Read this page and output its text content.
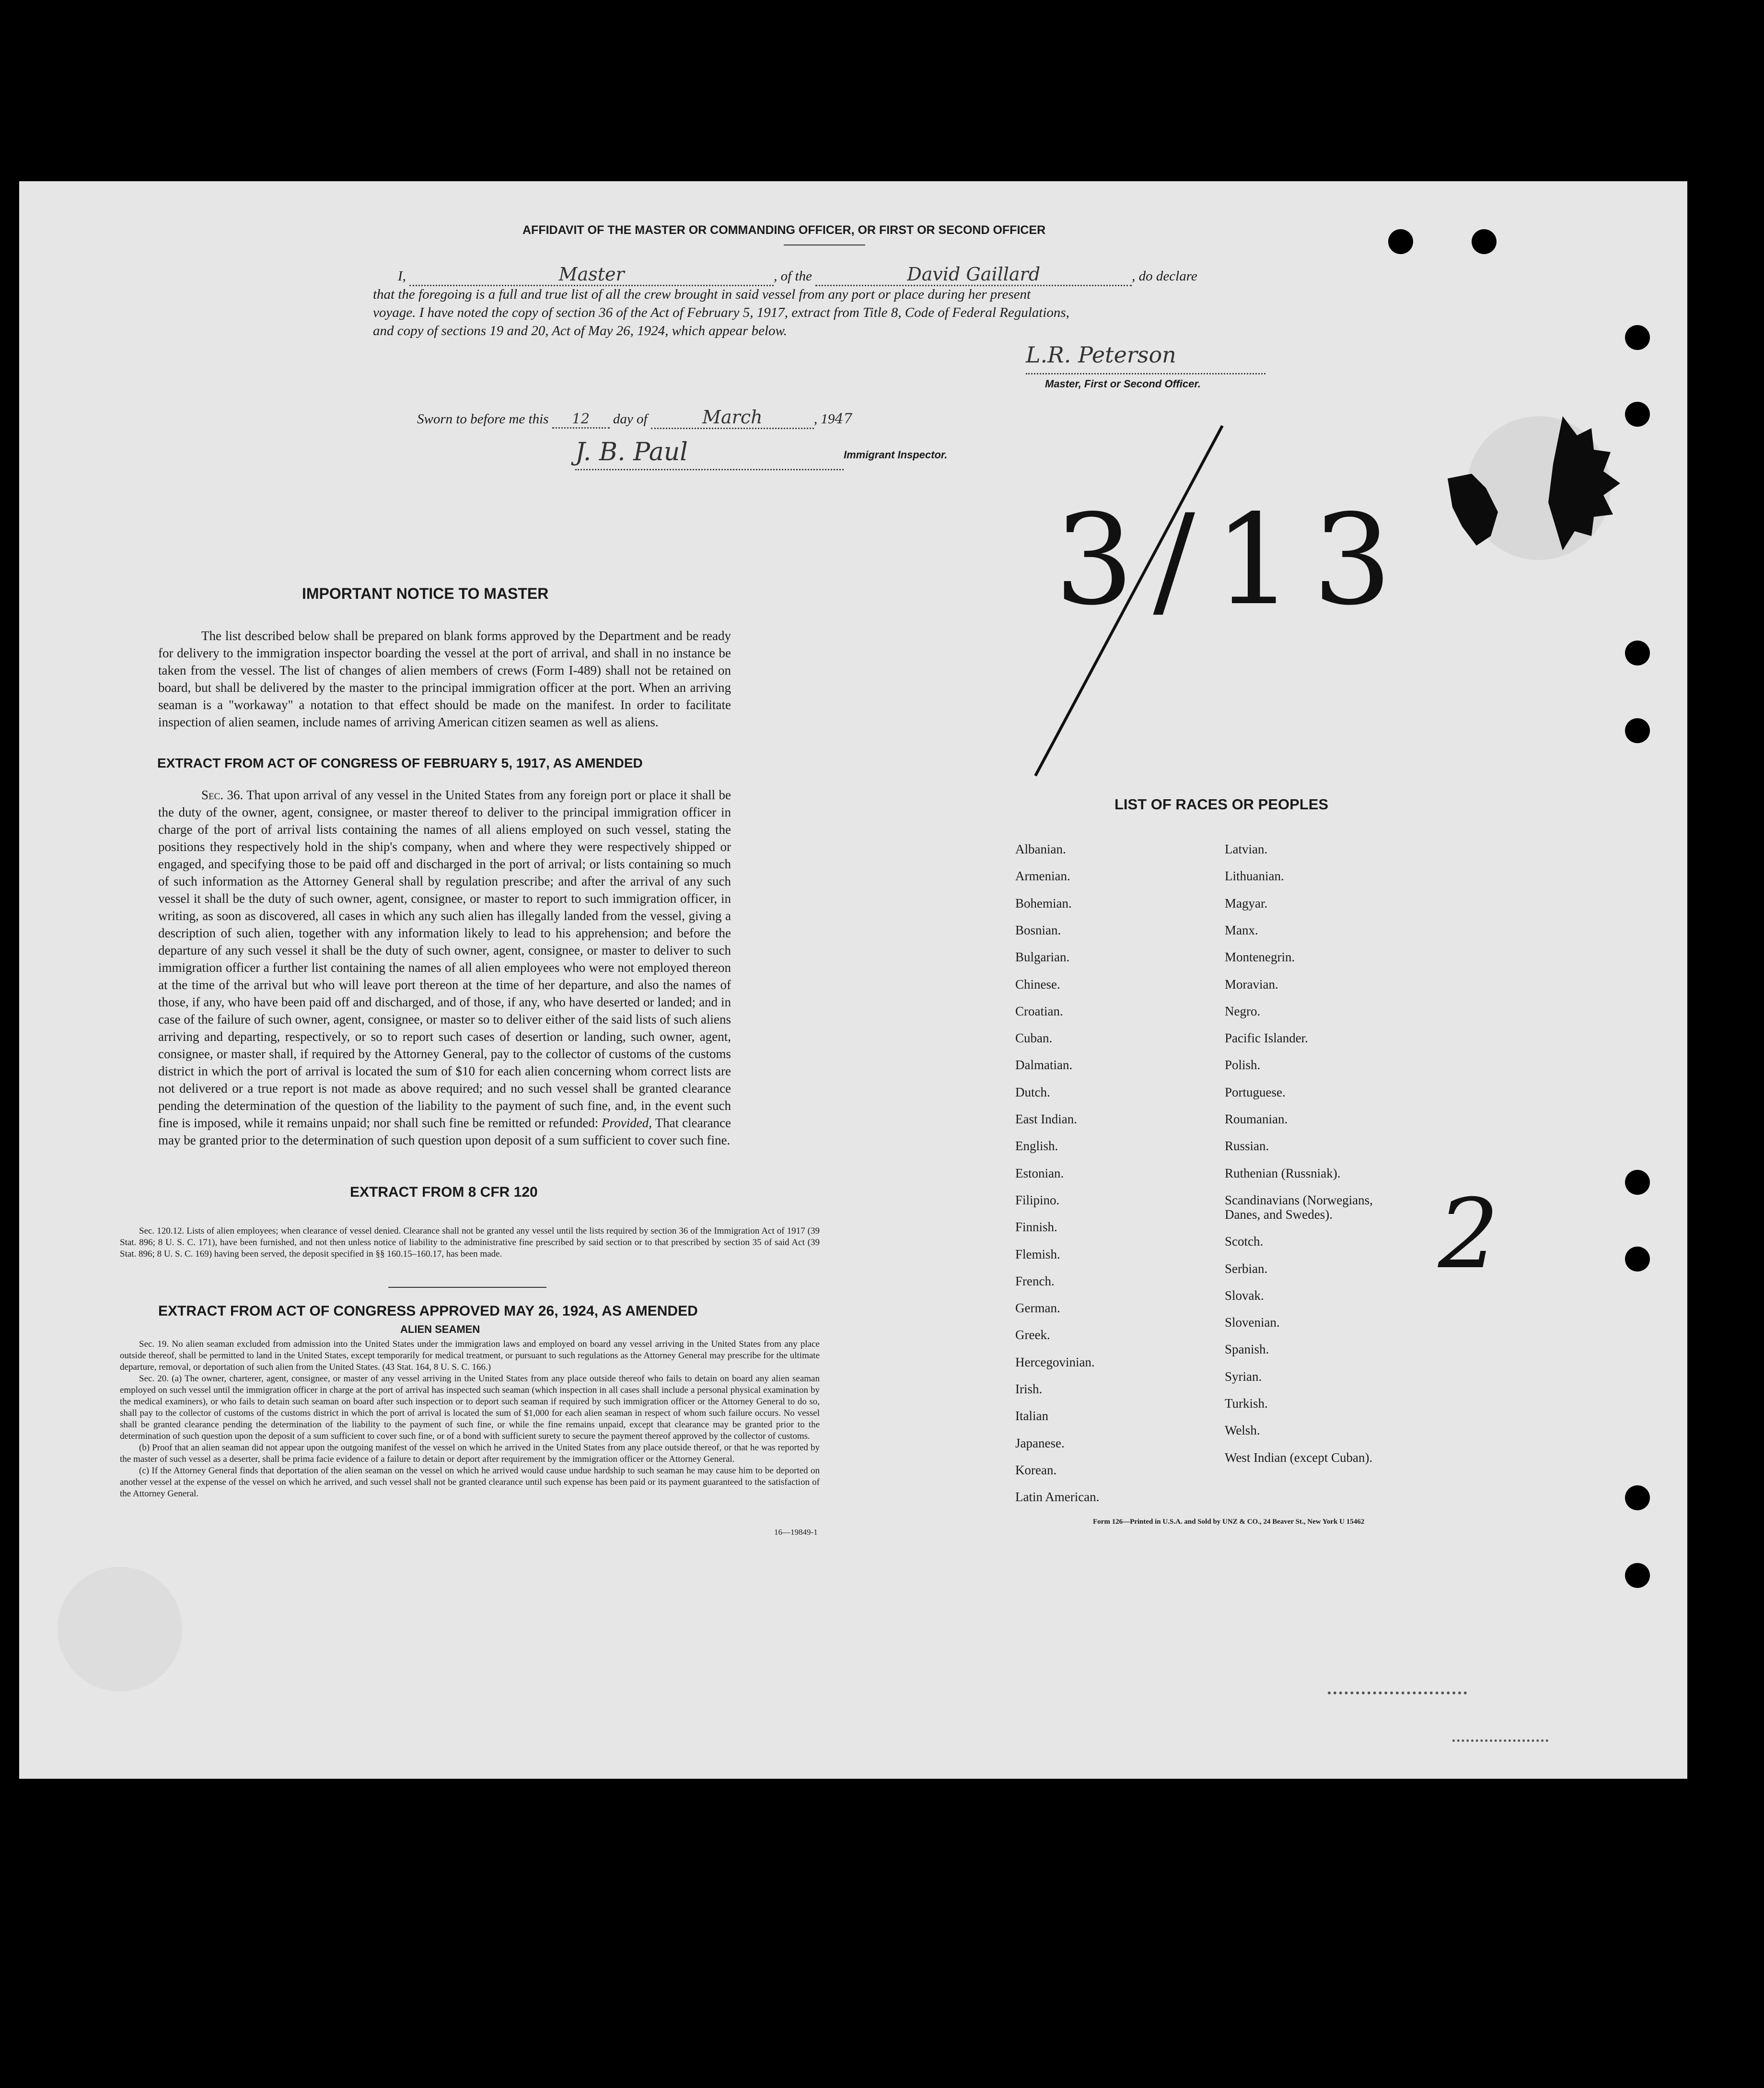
AFFIDAVIT OF THE MASTER OR COMMANDING OFFICER, OR FIRST OR SECOND OFFICER
I,	Master	, of the	David Gaillard	, do declare
that the foregoing is a full and true list of all the crew brought in said vessel from any port or place during her present
voyage. I have noted the copy of section 36 of the Act of February 5, 1917, extract from Title 8, Code of Federal Regulations,
and copy of sections 19 and 20, Act of May 26, 1924, which appear below.
L.R. Peterson
Master, First or Second Officer.
Sworn to before me this 12 day of	March	, 1947
J. B. Paul	Immigrant Inspector.
3/13
2
IMPORTANT NOTICE TO MASTER
The list described below shall be prepared on blank forms approved by the Department and be ready for delivery to the immigration inspector boarding the vessel at the port of arrival, and shall in no instance be taken from the vessel. The list of changes of alien members of crews (Form I-489) shall not be retained on board, but shall be delivered by the master to the principal immigration officer at the port. When an arriving seaman is a "workaway" a notation to that effect should be made on the manifest. In order to facilitate inspection of alien seamen, include names of arriving American citizen seamen as well as aliens.
EXTRACT FROM ACT OF CONGRESS OF FEBRUARY 5, 1917, AS AMENDED
Sec. 36. That upon arrival of any vessel in the United States from any foreign port or place it shall be the duty of the owner, agent, consignee, or master thereof to deliver to the principal immigration officer in charge of the port of arrival lists containing the names of all aliens employed on such vessel, stating the positions they respectively hold in the ship's company, when and where they were respectively shipped or engaged, and specifying those to be paid off and discharged in the port of arrival; or lists containing so much of such information as the Attorney General shall by regulation prescribe; and after the arrival of any such vessel it shall be the duty of such owner, agent, consignee, or master to report to such immigration officer, in writing, as soon as discovered, all cases in which any such alien has illegally landed from the vessel, giving a description of such alien, together with any information likely to lead to his apprehension; and before the departure of any such vessel it shall be the duty of such owner, agent, consignee, or master to deliver to such immigration officer a further list containing the names of all alien employees who were not employed thereon at the time of the arrival but who will leave port thereon at the time of her departure, and also the names of those, if any, who have been paid off and discharged, and of those, if any, who have deserted or landed; and in case of the failure of such owner, agent, consignee, or master so to deliver either of the said lists of such aliens arriving and departing, respectively, or so to report such cases of desertion or landing, such owner, agent, consignee, or master shall, if required by the Attorney General, pay to the collector of customs of the customs district in which the port of arrival is located the sum of $10 for each alien concerning whom correct lists are not delivered or a true report is not made as above required; and no such vessel shall be granted clearance pending the determination of the question of the liability to the payment of such fine, and, in the event such fine is imposed, while it remains unpaid; nor shall such fine be remitted or refunded: Provided, That clearance may be granted prior to the determination of such question upon deposit of a sum sufficient to cover such fine.
EXTRACT FROM 8 CFR 120
Sec. 120.12. Lists of alien employees; when clearance of vessel denied. Clearance shall not be granted any vessel until the lists required by section 36 of the Immigration Act of 1917 (39 Stat. 896; 8 U. S. C. 171), have been furnished, and not then unless notice of liability to the administrative fine prescribed by said section or to that prescribed by section 35 of said Act (39 Stat. 896; 8 U. S. C. 169) having been served, the deposit specified in §§ 160.15–160.17, has been made.
EXTRACT FROM ACT OF CONGRESS APPROVED MAY 26, 1924, AS AMENDED
ALIEN SEAMEN
Sec. 19. No alien seaman excluded from admission into the United States under the immigration laws and employed on board any vessel arriving in the United States from any place outside thereof, shall be permitted to land in the United States, except temporarily for medical treatment, or pursuant to such regulations as the Attorney General may prescribe for the ultimate departure, removal, or deportation of such alien from the United States. (43 Stat. 164, 8 U. S. C. 166.)
Sec. 20. (a) The owner, charterer, agent, consignee, or master of any vessel arriving in the United States from any place outside thereof who fails to detain on board any alien seaman employed on such vessel until the immigration officer in charge at the port of arrival has inspected such seaman (which inspection in all cases shall include a personal physical examination by the medical examiners), or who fails to detain such seaman on board after such inspection or to deport such seaman if required by such immigration officer or the Attorney General to do so, shall pay to the collector of customs of the customs district in which the port of arrival is located the sum of $1,000 for each alien seaman in respect of whom such failure occurs. No vessel shall be granted clearance pending the determination of the liability to the payment of such fine, or while the fine remains unpaid, except that clearance may be granted prior to the determination of such question upon the deposit of a sum sufficient to cover such fine, or of a bond with sufficient surety to secure the payment thereof approved by the collector of customs.
(b) Proof that an alien seaman did not appear upon the outgoing manifest of the vessel on which he arrived in the United States from any place outside thereof, or that he was reported by the master of such vessel as a deserter, shall be prima facie evidence of a failure to detain or deport after requirement by the immigration officer or the Attorney General.
(c) If the Attorney General finds that deportation of the alien seaman on the vessel on which he arrived would cause undue hardship to such seaman he may cause him to be deported on another vessel at the expense of the vessel on which he arrived, and such vessel shall not be granted clearance until such expense has been paid or its payment guaranteed to the satisfaction of the Attorney General.
16—19849-1
LIST OF RACES OR PEOPLES
Albanian.
Armenian.
Bohemian.
Bosnian.
Bulgarian.
Chinese.
Croatian.
Cuban.
Dalmatian.
Dutch.
East Indian.
English.
Estonian.
Filipino.
Finnish.
Flemish.
French.
German.
Greek.
Hercegovinian.
Irish.
Italian
Japanese.
Korean.
Latin American.
Latvian.
Lithuanian.
Magyar.
Manx.
Montenegrin.
Moravian.
Negro.
Pacific Islander.
Polish.
Portuguese.
Roumanian.
Russian.
Ruthenian (Russniak).
Scandinavians (Norwegians,
Danes, and Swedes).
Scotch.
Serbian.
Slovak.
Slovenian.
Spanish.
Syrian.
Turkish.
Welsh.
West Indian (except Cuban).
Form 126—Printed in U.S.A. and Sold by UNZ & CO., 24 Beaver St., New York U 15462
